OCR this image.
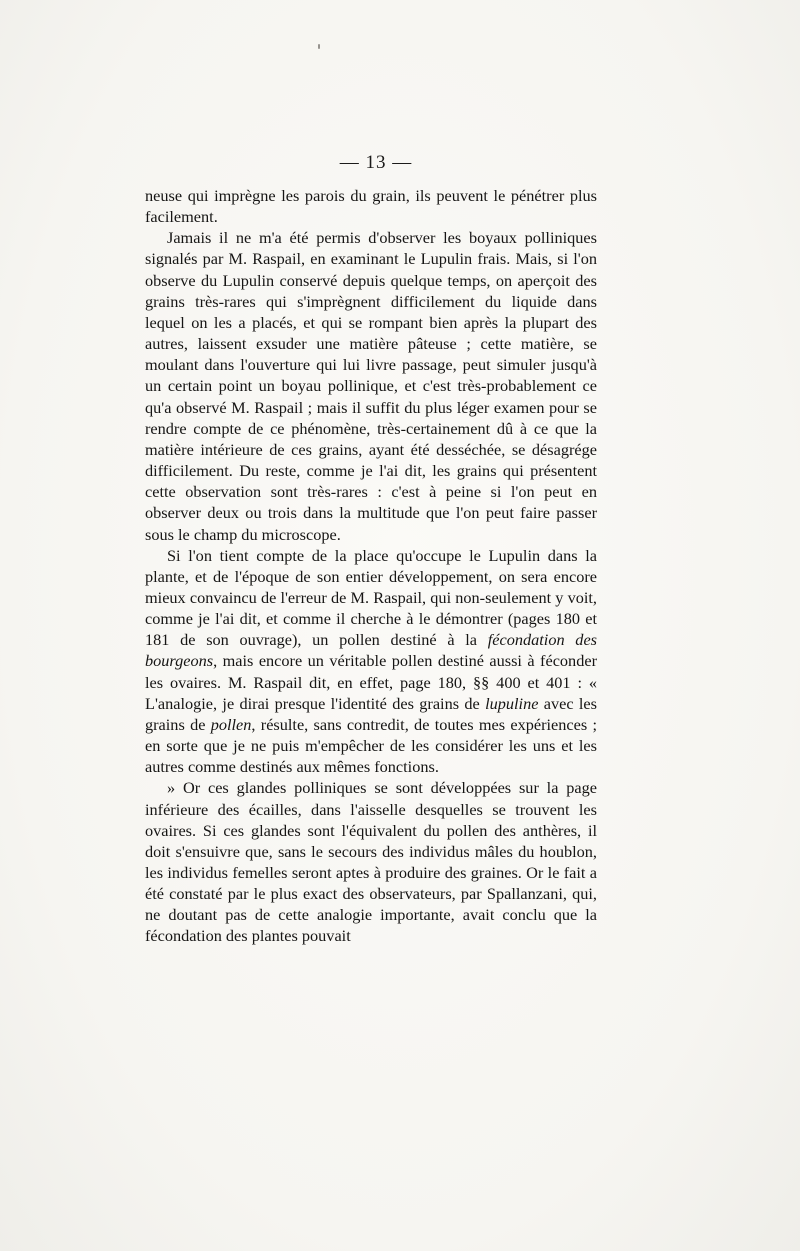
— 13 —

neuse qui imprègne les parois du grain, ils peuvent le pénétrer plus facilement.

Jamais il ne m'a été permis d'observer les boyaux polliniques signalés par M. Raspail, en examinant le Lupulin frais. Mais, si l'on observe du Lupulin conservé depuis quelque temps, on aperçoit des grains très-rares qui s'imprègnent difficilement du liquide dans lequel on les a placés, et qui se rompant bien après la plupart des autres, laissent exsuder une matière pâteuse ; cette matière, se moulant dans l'ouverture qui lui livre passage, peut simuler jusqu'à un certain point un boyau pollinique, et c'est très-probablement ce qu'a observé M. Raspail ; mais il suffit du plus léger examen pour se rendre compte de ce phénomène, très-certainement dû à ce que la matière intérieure de ces grains, ayant été desséchée, se désagrége difficilement. Du reste, comme je l'ai dit, les grains qui présentent cette observation sont très-rares : c'est à peine si l'on peut en observer deux ou trois dans la multitude que l'on peut faire passer sous le champ du microscope.

Si l'on tient compte de la place qu'occupe le Lupulin dans la plante, et de l'époque de son entier développement, on sera encore mieux convaincu de l'erreur de M. Raspail, qui non-seulement y voit, comme je l'ai dit, et comme il cherche à le démontrer (pages 180 et 181 de son ouvrage), un pollen destiné à la fécondation des bourgeons, mais encore un véritable pollen destiné aussi à féconder les ovaires. M. Raspail dit, en effet, page 180, §§ 400 et 401 : « L'analogie, je dirai presque l'identité des grains de lupuline avec les grains de pollen, résulte, sans contredit, de toutes mes expériences ; en sorte que je ne puis m'empêcher de les considérer les uns et les autres comme destinés aux mêmes fonctions.

» Or ces glandes polliniques se sont développées sur la page inférieure des écailles, dans l'aisselle desquelles se trouvent les ovaires. Si ces glandes sont l'équivalent du pollen des anthères, il doit s'ensuivre que, sans le secours des individus mâles du houblon, les individus femelles seront aptes à produire des graines. Or le fait a été constaté par le plus exact des observateurs, par Spallanzani, qui, ne doutant pas de cette analogie importante, avait conclu que la fécondation des plantes pouvait
